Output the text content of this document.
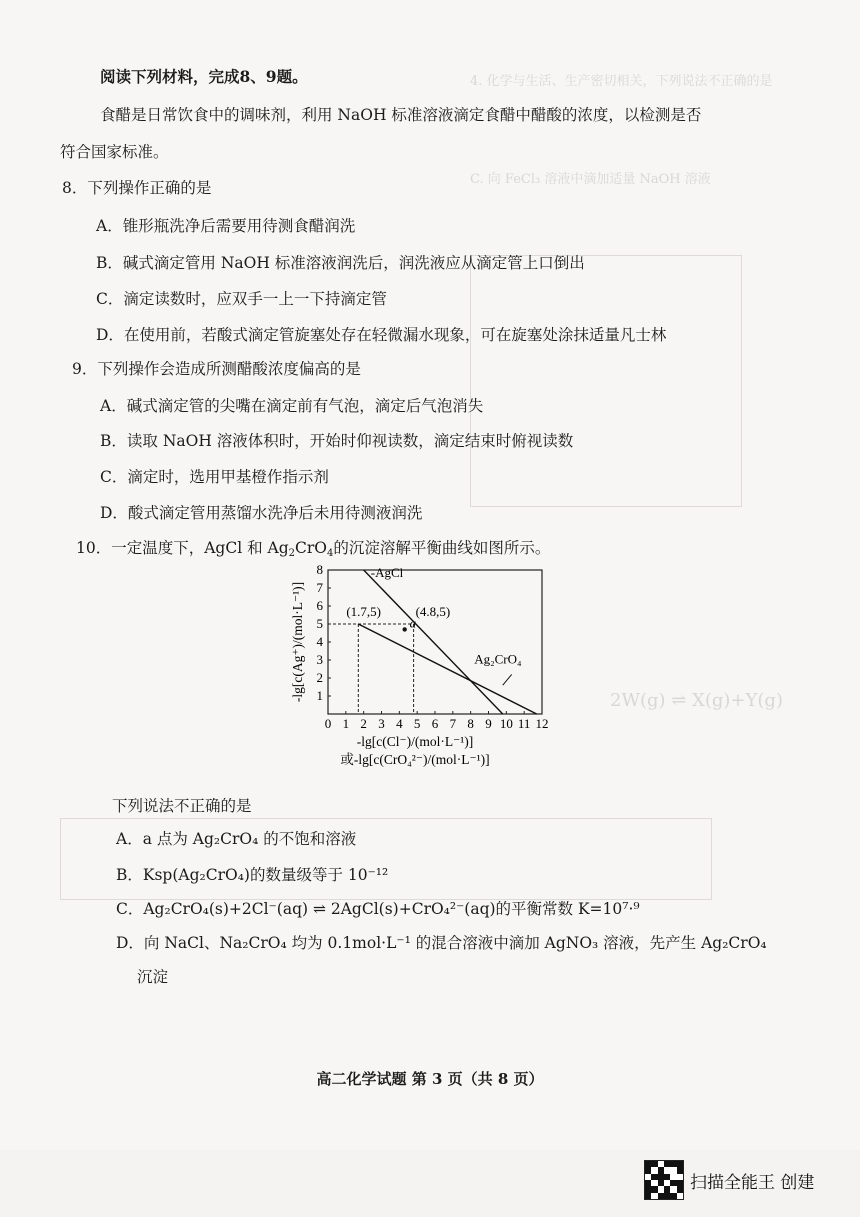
4. 化学与生活、生产密切相关，下列说法不正确的是
C. 向 FeCl₃ 溶液中滴加适量 NaOH 溶液
2W(g) ⇌ X(g)+Y(g)
阅读下列材料，完成8、9题。
食醋是日常饮食中的调味剂，利用 NaOH 标准溶液滴定食醋中醋酸的浓度，以检测是否
符合国家标准。
8．下列操作正确的是
A．锥形瓶洗净后需要用待测食醋润洗
B．碱式滴定管用 NaOH 标准溶液润洗后，润洗液应从滴定管上口倒出
C．滴定读数时，应双手一上一下持滴定管
D．在使用前，若酸式滴定管旋塞处存在轻微漏水现象，可在旋塞处涂抹适量凡士林
9．下列操作会造成所测醋酸浓度偏高的是
A．碱式滴定管的尖嘴在滴定前有气泡，滴定后气泡消失
B．读取 NaOH 溶液体积时，开始时仰视读数，滴定结束时俯视读数
C．滴定时，选用甲基橙作指示剂
D．酸式滴定管用蒸馏水洗净后未用待测液润洗
10．一定温度下，AgCl 和 $Ag_2CrO_4$的沉淀溶解平衡曲线如图所示。
0 1 2 3 4 5 6 7 8 9 10 11 12
1
2
3
4
5
6
7
8	-AgCl
Ag₂CrO₄
(1.7,5)	(4.8,5)
a
-lg[c(Cl⁻)/(mol·L⁻¹)]
或-lg[c(CrO₄²⁻)/(mol·L⁻¹)]
-lg[c(Ag⁺)/(mol·L⁻¹)]
下列说法不正确的是
A．a 点为 Ag₂CrO₄ 的不饱和溶液
B．Ksp(Ag₂CrO₄)的数量级等于 10⁻¹²
C．Ag₂CrO₄(s)+2Cl⁻(aq) ⇌ 2AgCl(s)+CrO₄²⁻(aq)的平衡常数 K=10⁷·⁹
D．向 NaCl、Na₂CrO₄ 均为 0.1mol·L⁻¹ 的混合溶液中滴加 AgNO₃ 溶液，先产生 Ag₂CrO₄
沉淀
高二化学试题 第 3 页（共 8 页）
扫描全能王 创建
